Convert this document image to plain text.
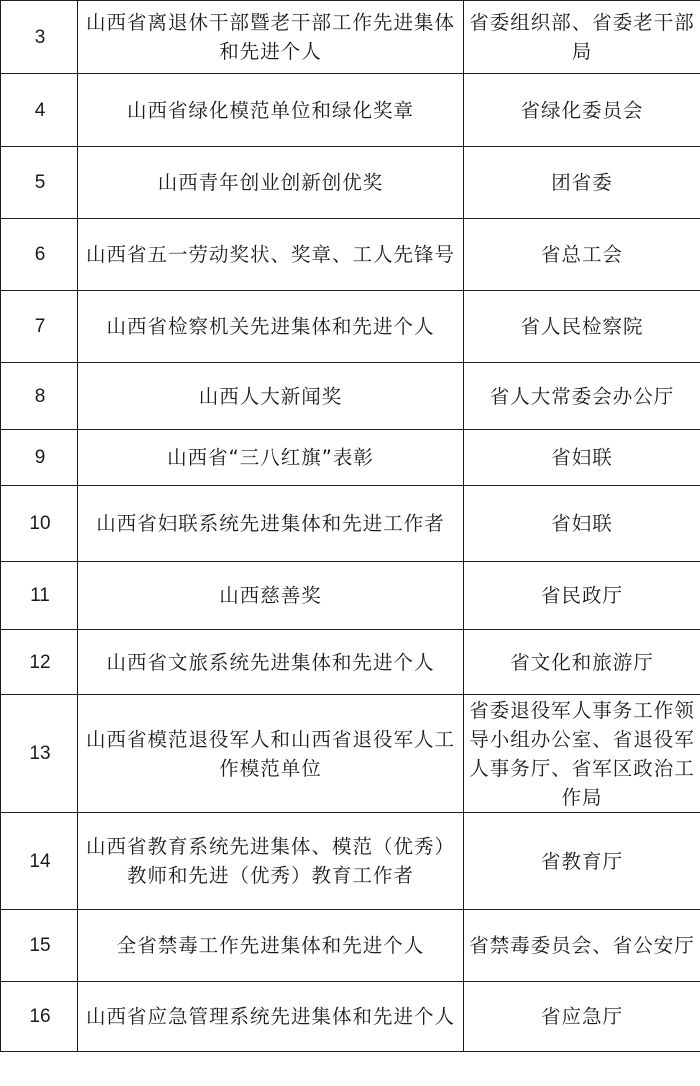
3	山西省离退休干部暨老干部工作先进集体和先进个人	省委组织部、省委老干部局
4	山西省绿化模范单位和绿化奖章	省绿化委员会
5	山西青年创业创新创优奖	团省委
6	山西省五一劳动奖状、奖章、工人先锋号	省总工会
7	山西省检察机关先进集体和先进个人	省人民检察院
8	山西人大新闻奖	省人大常委会办公厅
9	山西省“三八红旗”表彰	省妇联
10	山西省妇联系统先进集体和先进工作者	省妇联
11	山西慈善奖	省民政厅
12	山西省文旅系统先进集体和先进个人	省文化和旅游厅
13	山西省模范退役军人和山西省退役军人工作模范单位	省委退役军人事务工作领导小组办公室、省退役军人事务厅、省军区政治工作局
14	山西省教育系统先进集体、模范（优秀）教师和先进（优秀）教育工作者	省教育厅
15	全省禁毒工作先进集体和先进个人	省禁毒委员会、省公安厅
16	山西省应急管理系统先进集体和先进个人	省应急厅
